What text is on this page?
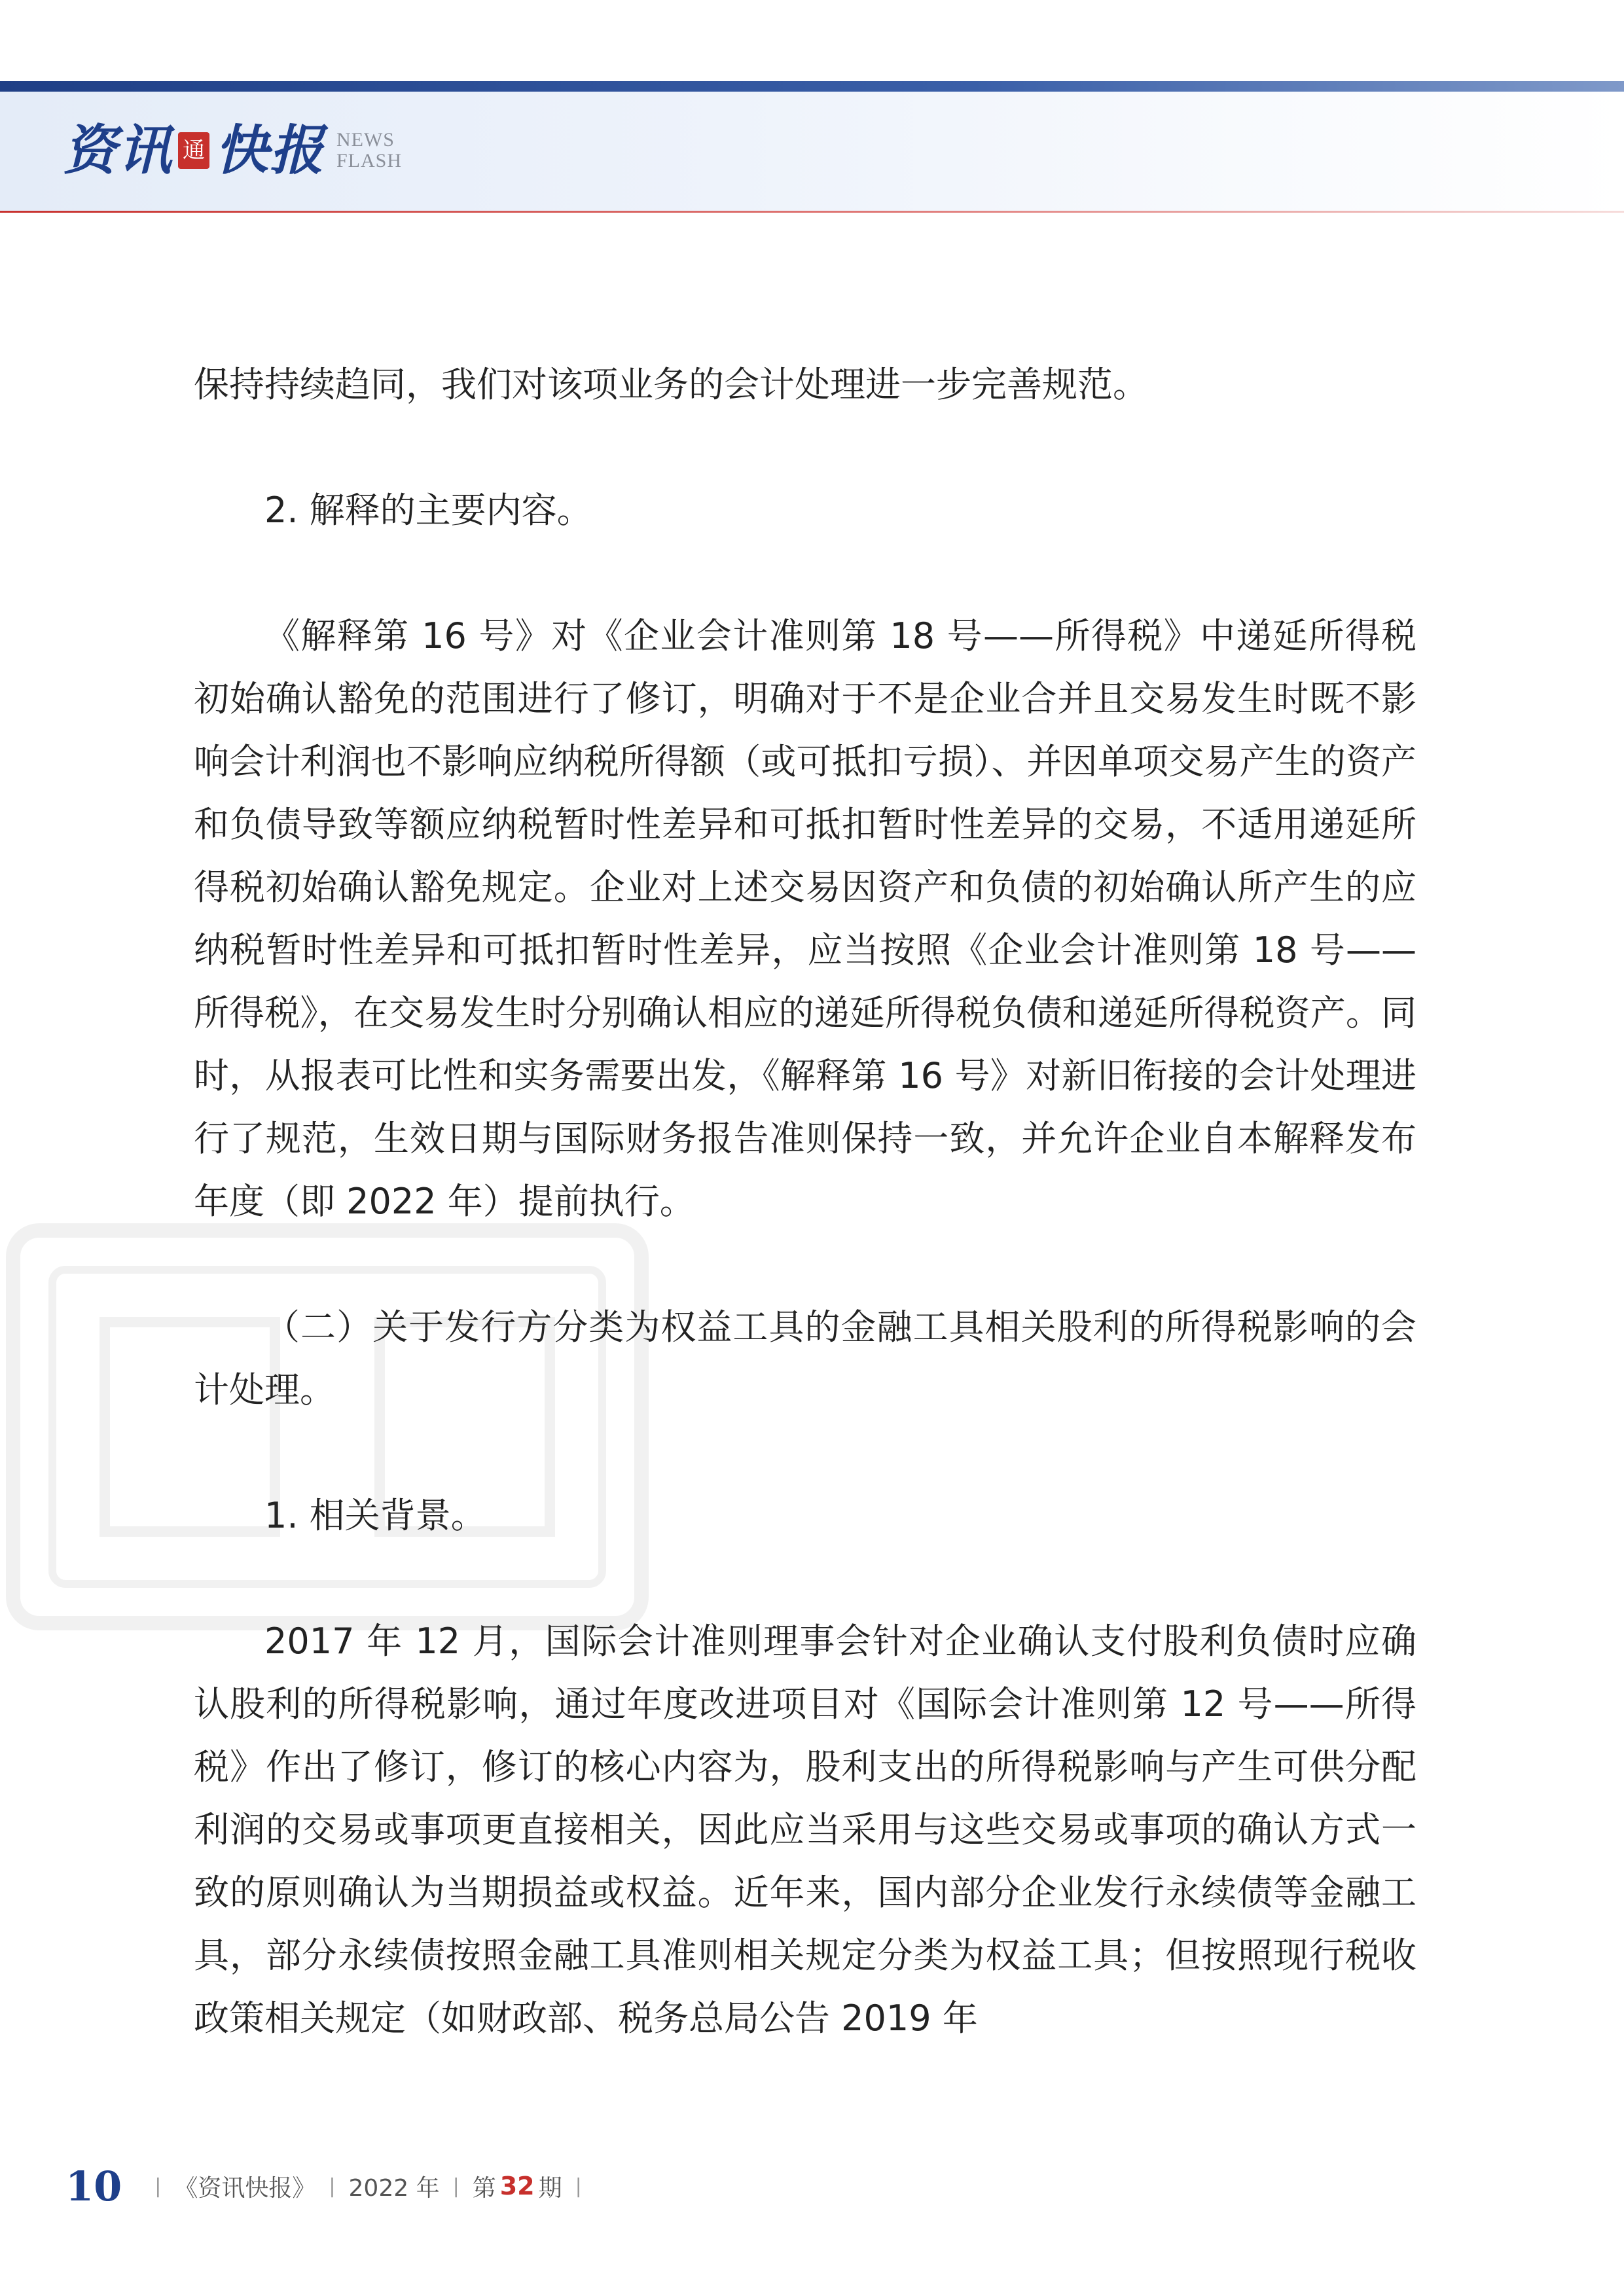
资讯 通 快报 NEWS
FLASH

保持持续趋同，我们对该项业务的会计处理进一步完善规范。

2. 解释的主要内容。

《解释第 16 号》对《企业会计准则第 18 号——所得税》中递延所得税初始确认豁免的范围进行了修订，明确对于不是企业合并且交易发生时既不影响会计利润也不影响应纳税所得额（或可抵扣亏损）、并因单项交易产生的资产和负债导致等额应纳税暂时性差异和可抵扣暂时性差异的交易，不适用递延所得税初始确认豁免规定。企业对上述交易因资产和负债的初始确认所产生的应纳税暂时性差异和可抵扣暂时性差异，应当按照《企业会计准则第 18 号——所得税》，在交易发生时分别确认相应的递延所得税负债和递延所得税资产。同时，从报表可比性和实务需要出发，《解释第 16 号》对新旧衔接的会计处理进行了规范，生效日期与国际财务报告准则保持一致，并允许企业自本解释发布年度（即 2022 年）提前执行。

（二）关于发行方分类为权益工具的金融工具相关股利的所得税影响的会计处理。

1. 相关背景。

2017 年 12 月，国际会计准则理事会针对企业确认支付股利负债时应确认股利的所得税影响，通过年度改进项目对《国际会计准则第 12 号——所得税》作出了修订，修订的核心内容为，股利支出的所得税影响与产生可供分配利润的交易或事项更直接相关，因此应当采用与这些交易或事项的确认方式一致的原则确认为当期损益或权益。近年来，国内部分企业发行永续债等金融工具，部分永续债按照金融工具准则相关规定分类为权益工具；但按照现行税收政策相关规定（如财政部、税务总局公告 2019 年

10 | 《资讯快报》 | 2022 年 | 第 32 期 |
